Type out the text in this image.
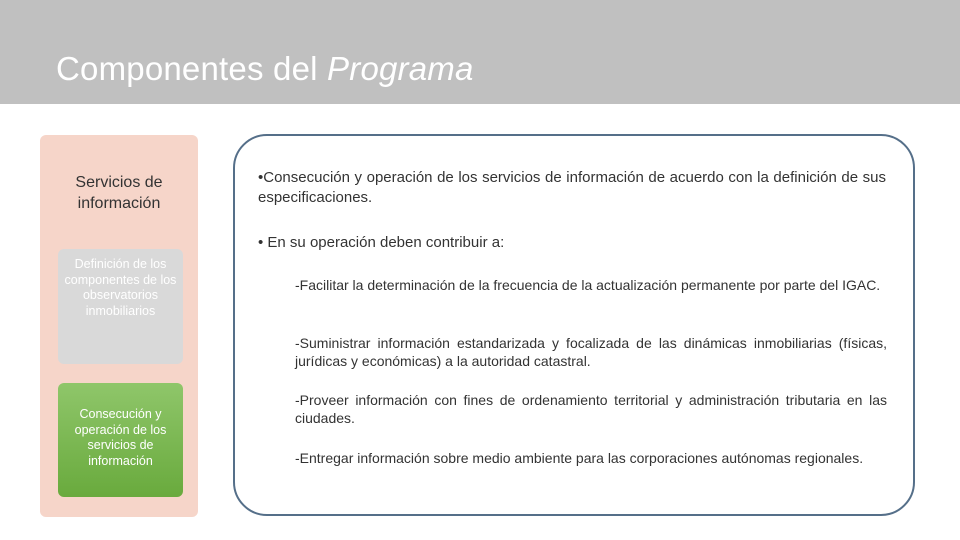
Componentes del Programa
Servicios de información
Definición de los componentes de los observatorios inmobiliarios
Consecución y operación de los servicios de información
•Consecución y operación de los servicios de información de acuerdo con la definición de sus especificaciones.
• En su operación deben contribuir a:
-Facilitar la determinación de la frecuencia de la actualización permanente por parte del IGAC.
-Suministrar información estandarizada y focalizada de las dinámicas inmobiliarias (físicas, jurídicas y económicas) a la autoridad catastral.
-Proveer información con fines de ordenamiento territorial y administración tributaria en las ciudades.
-Entregar información sobre medio ambiente para las corporaciones autónomas regionales.
